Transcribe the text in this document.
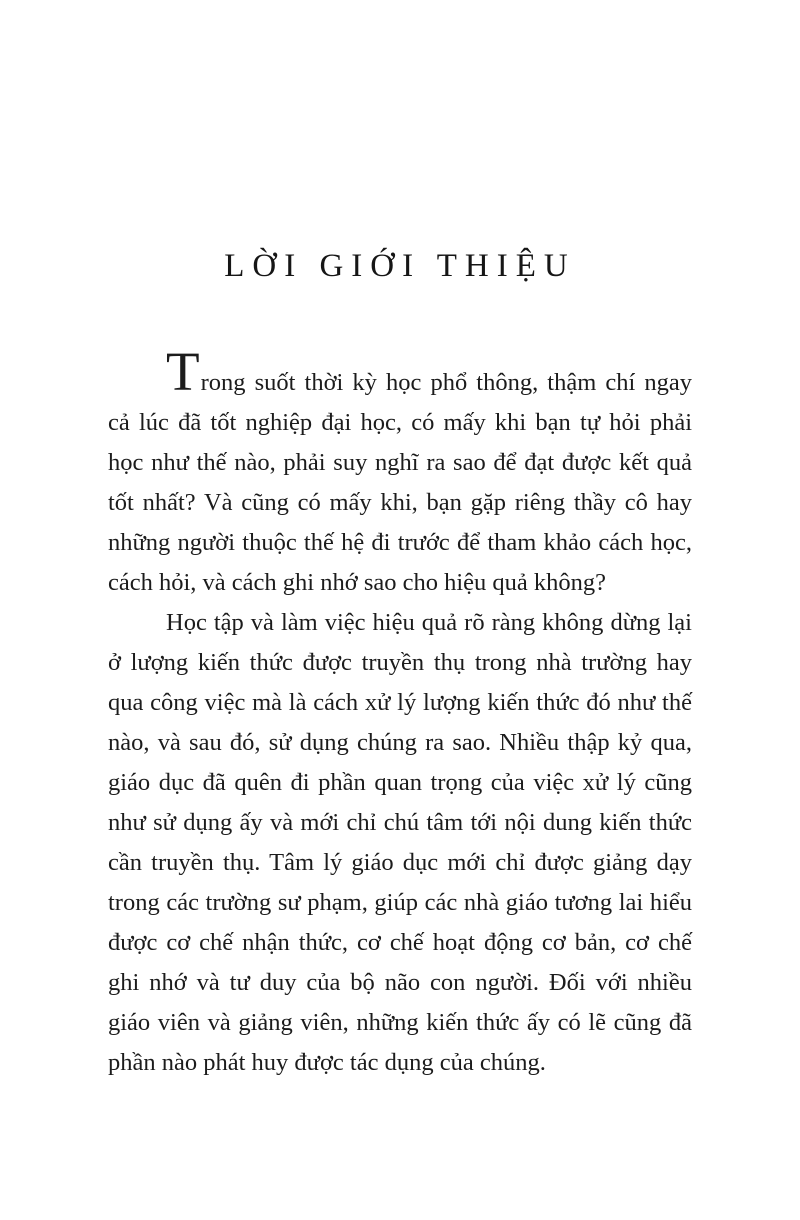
LỜI GIỚI THIỆU

Trong suốt thời kỳ học phổ thông, thậm chí ngay cả lúc đã tốt nghiệp đại học, có mấy khi bạn tự hỏi phải học như thế nào, phải suy nghĩ ra sao để đạt được kết quả tốt nhất? Và cũng có mấy khi, bạn gặp riêng thầy cô hay những người thuộc thế hệ đi trước để tham khảo cách học, cách hỏi, và cách ghi nhớ sao cho hiệu quả không?

Học tập và làm việc hiệu quả rõ ràng không dừng lại ở lượng kiến thức được truyền thụ trong nhà trường hay qua công việc mà là cách xử lý lượng kiến thức đó như thế nào, và sau đó, sử dụng chúng ra sao. Nhiều thập kỷ qua, giáo dục đã quên đi phần quan trọng của việc xử lý cũng như sử dụng ấy và mới chỉ chú tâm tới nội dung kiến thức cần truyền thụ. Tâm lý giáo dục mới chỉ được giảng dạy trong các trường sư phạm, giúp các nhà giáo tương lai hiểu được cơ chế nhận thức, cơ chế hoạt động cơ bản, cơ chế ghi nhớ và tư duy của bộ não con người. Đối với nhiều giáo viên và giảng viên, những kiến thức ấy có lẽ cũng đã phần nào phát huy được tác dụng của chúng.
